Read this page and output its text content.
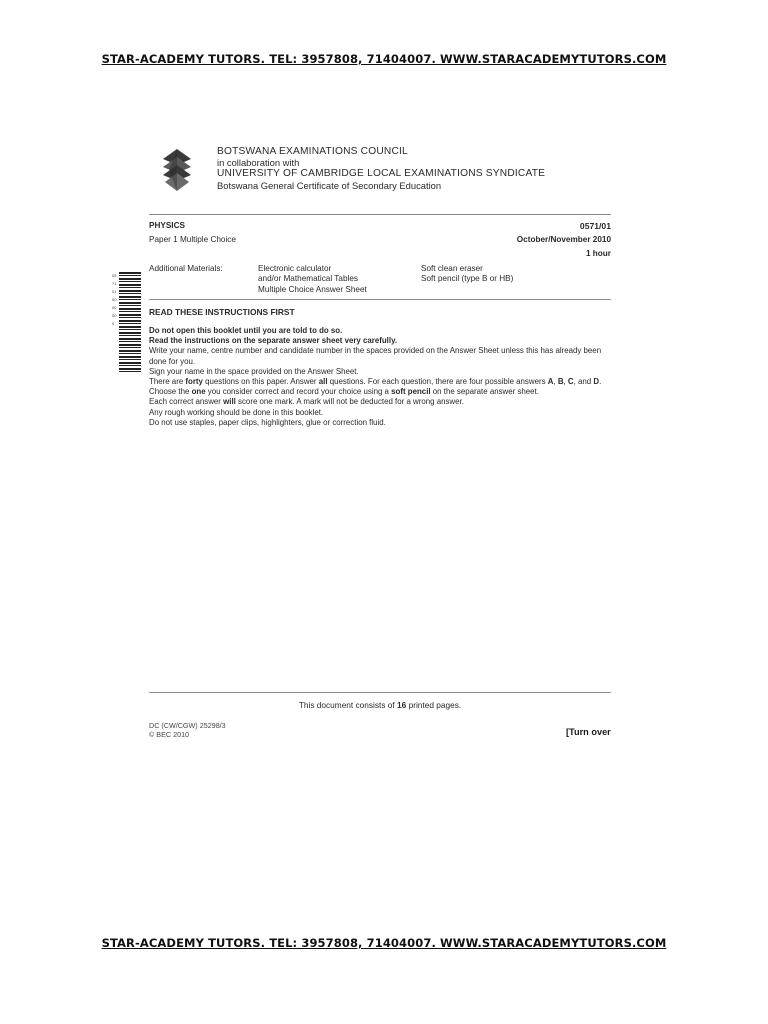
STAR-ACADEMY TUTORS. TEL: 3957808, 71404007. WWW.STARACADEMYTUTORS.COM
BOTSWANA EXAMINATIONS COUNCIL
in collaboration with
UNIVERSITY OF CAMBRIDGE LOCAL EXAMINATIONS SYNDICATE
Botswana General Certificate of Secondary Education
PHYSICS
Paper 1 Multiple Choice
0571/01
October/November 2010
1 hour
Additional Materials:	Electronic calculator
and/or Mathematical Tables
Multiple Choice Answer Sheet
Soft clean eraser
Soft pencil (type B or HB)
0571010000000
READ THESE INSTRUCTIONS FIRST

Do not open this booklet until you are told to do so.

Read the instructions on the separate answer sheet very carefully.

Write your name, centre number and candidate number in the spaces provided on the Answer Sheet unless this has already been done for you.

Sign your name in the space provided on the Answer Sheet.

There are forty questions on this paper. Answer all questions. For each question, there are four possible answers A, B, C, and D. Choose the one you consider correct and record your choice using a soft pencil on the separate answer sheet.

Each correct answer will score one mark. A mark will not be deducted for a wrong answer.

Any rough working should be done in this booklet.

Do not use staples, paper clips, highlighters, glue or correction fluid.

This document consists of 16 printed pages.
DC (CW/CGW) 25298/3
© BEC 2010	[Turn over
STAR-ACADEMY TUTORS. TEL: 3957808, 71404007. WWW.STARACADEMYTUTORS.COM
